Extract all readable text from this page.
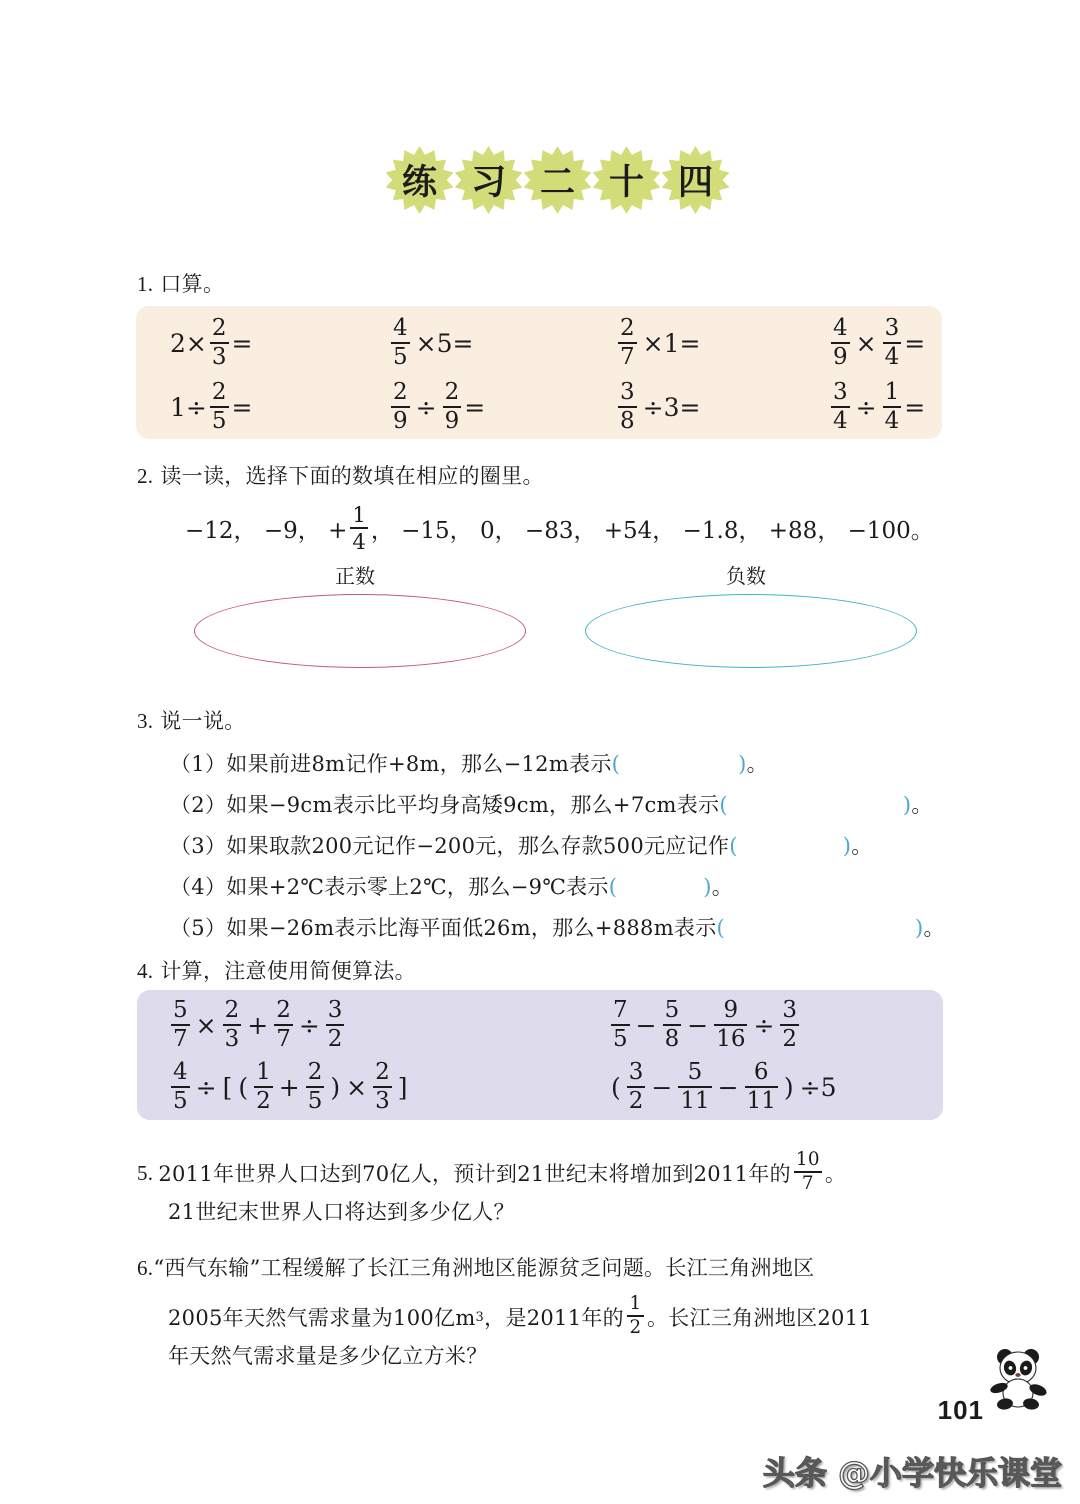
练 习 二 十 四
1. 口算。
$2\times \frac{2}{3}$ =	$\frac{4}{5} \times 5=$	$\frac{2}{7} \times 1=$	$\frac{4}{9} \times \frac{3}{4}$ =
$1\div \frac{2}{5}$ =	$\frac{2}{9} \div \frac{2}{9}$ =	$\frac{3}{8} \div 3=$	$\frac{3}{4} \div \frac{1}{4}$ =
2. 读一读，选择下面的数填在相应的圈里。
−12， −9， + $\frac{1}{4}$ ， −15， 0， −83， +54， −1.8， +88， −100。
正数	负数
3. 说一说。
（1）如果前进8m记作+8m，那么−12m表示(	)。
（2）如果−9cm表示比平均身高矮9cm，那么+7cm表示(	)。
（3）如果取款200元记作−200元，那么存款500元应记作(	)。
（4）如果+2℃表示零上2℃，那么−9℃表示(	)。
（5）如果−26m表示比海平面低26m，那么+888m表示(	)。
4. 计算，注意使用简便算法。
$\frac{5}{7} \times \frac{2}{3} + \frac{2}{7} \div \frac{3}{2}$	$\frac{7}{5} - \frac{5}{8} - \frac{9}{16} \div \frac{3}{2}$
$\frac{4}{5}$ ÷ [ ( $\frac{1}{2} + \frac{2}{5}$ ) × $\frac{2}{3}$ ]	( $\frac{3}{2} - \frac{5}{11} - \frac{6}{11}$ ) ÷5
5. 2011年世界人口达到70亿人，预计到21世纪末将增加到2011年的 $\frac{10}{7}$ 。
21世纪末世界人口将达到多少亿人？
6.“西气东输”工程缓解了长江三角洲地区能源贫乏问题。长江三角洲地区
2005年天然气需求量为100亿m 3 ，是2011年的 $\frac{1}{2}$ 。长江三角洲地区2011
年天然气需求量是多少亿立方米？
101
头条 @小学快乐课堂
